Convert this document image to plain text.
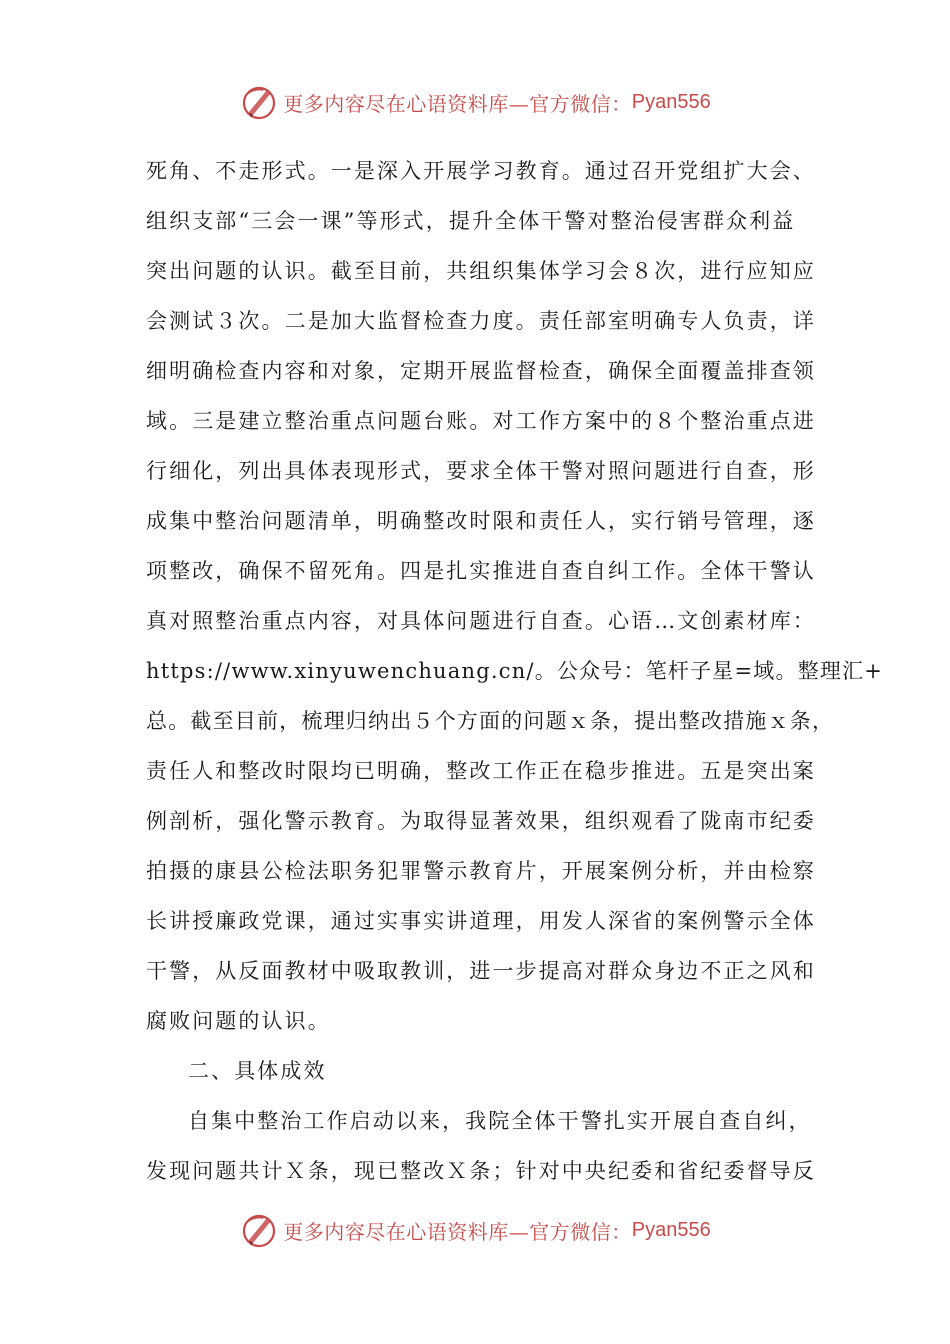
更多内容尽在心语资料库—官方微信： Pyan556
死角、不走形式。一是深入开展学习教育。通过召开党组扩大会、
组织支部“三会一课”等形式，提升全体干警对整治侵害群众利益
突出问题的认识。截至目前，共组织集体学习会８次，进行应知应
会测试３次。二是加大监督检查力度。责任部室明确专人负责，详
细明确检查内容和对象，定期开展监督检查，确保全面覆盖排查领
域。三是建立整治重点问题台账。对工作方案中的８个整治重点进
行细化，列出具体表现形式，要求全体干警对照问题进行自查，形
成集中整治问题清单，明确整改时限和责任人，实行销号管理，逐
项整改，确保不留死角。四是扎实推进自查自纠工作。全体干警认
真对照整治重点内容，对具体问题进行自查。心语…文创素材库：
https://www.xinyuwenchuang.cn/。公众号：笔杆子星=域。整理汇+
总。截至目前，梳理归纳出５个方面的问题ｘ条，提出整改措施ｘ条，
责任人和整改时限均已明确，整改工作正在稳步推进。五是突出案
例剖析，强化警示教育。为取得显著效果，组织观看了陇南市纪委
拍摄的康县公检法职务犯罪警示教育片，开展案例分析，并由检察
长讲授廉政党课，通过实事实讲道理，用发人深省的案例警示全体
干警，从反面教材中吸取教训，进一步提高对群众身边不正之风和
腐败问题的认识。
二、具体成效
自集中整治工作启动以来，我院全体干警扎实开展自查自纠，
发现问题共计Ｘ条，现已整改Ｘ条；针对中央纪委和省纪委督导反
更多内容尽在心语资料库—官方微信： Pyan556
